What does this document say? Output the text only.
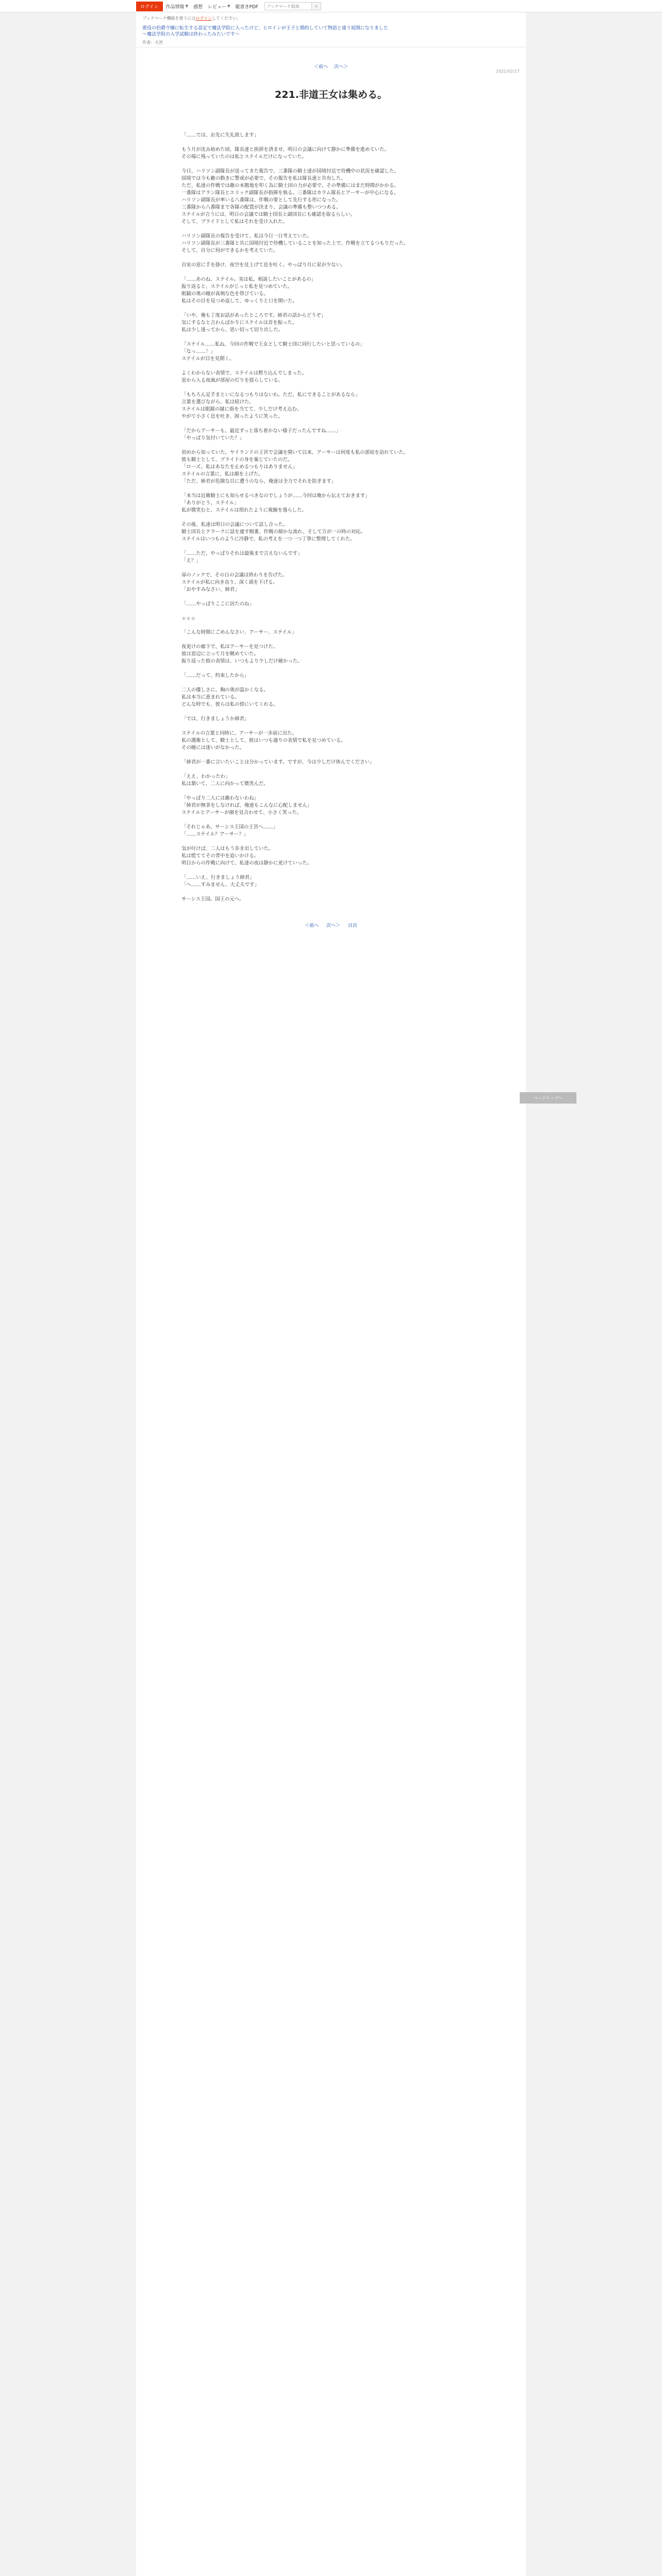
ログイン	作品情報 ▼ 感想 レビュー ▼ 縦書きPDF
ブックマーク追加	＋
ブックマーク機能を使うにはログインしてください。
悪役の伯爵令嬢に転生する設定で魔法学院に入ったけど、ヒロインが王子と婚約していて物語と違う展開になりました
〜魔法学院の入学試験は終わったみたいです〜
作者：天宮
2021/02/17
＜前へ 次へ＞
221.非道王女は集める。

「……では、お先に失礼致します」

もう月が沈み始めた頃、隊長達と挨拶を済ませ、明日の会議に向けて静かに準備を進めていた。

その場に残っていたのは私とステイルだけになっていた。

今日、ハリソン副隊長が送ってきた報告で、三番隊の騎士達が国境付近で待機中の状況を確認した。

国境では今も敵の動きに警戒が必要で、その報告を私は隊長達と共有した。

ただ、私達の作戦では敵の本拠地を叩く為に騎士団の力が必要で、その準備にはまだ時間がかかる。

一番隊はアラン隊長とエリック副隊長が指揮を執る。三番隊はカラム隊長とアーサーが中心になる。

ハリソン副隊長が率いる八番隊は、作戦の要として先行する形になった。

三番隊から八番隊まで各隊の配置が決まり、会議の準備も整いつつある。

ステイルが言うには、明日の会議では騎士団長と副団長にも確認を取るらしい。

そして、プライドとして私はそれを受け入れた。

ハリソン副隊長の報告を受けて、私は今日一日考えていた。

ハリソン副隊長が三番隊と共に国境付近で待機していることを知った上で、作戦を立てるつもりだった。

そして、自分に何ができるかを考えていた。

自室の窓に手を掛け、夜空を見上げて息を吐く。やっぱり月に星が少ない。

「……あのね、ステイル。実は私、相談したいことがあるの」

振り返ると、ステイルがじっと私を見つめていた。

眼鏡の奥の瞳が真剣な色を帯びている。

私はその目を見つめ返して、ゆっくりと口を開いた。

「いや、俺も丁度お話があったところです。姉君の話からどうぞ」

気にするなと言わんばかりにステイルは首を振った。

私は少し迷ってから、思い切って切り出した。

「ステイル……私ね、今回の作戦で王女として騎士団に同行したいと思っているの」

「なっ……！」

ステイルが目を見開く。

よくわからない表情で、ステイルは黙り込んでしまった。

窓から入る夜風が部屋の灯りを揺らしている。

「もちろん足手まといになるつもりはないわ。ただ、私にできることがあるなら」

言葉を選びながら、私は続けた。

ステイルは眼鏡の縁に指を当てて、少しだけ考え込む。

やがて小さく息を吐き、困ったように笑った。

「だからアーサーも、最近ずっと落ち着かない様子だったんですね……」

「やっぱり気付いていた？」

初めから知っていた。ヤイランドの王宮で会議を開いて以来、アーサーは何度も私の部屋を訪れていた。

彼も騎士として、プライドの身を案じていたのだ。

「ローズ。私はあなたを止めるつもりはありません」

ステイルの言葉に、私は顔を上げた。

「ただ、姉君が危険な目に遭うのなら、俺達は全力でそれを防ぎます」

「本当は近衛騎士にも知らせるべきなのでしょうが……今回は俺から伝えておきます」

「ありがとう、ステイル」

私が微笑むと、ステイルは照れたように視線を逸らした。

その後、私達は明日の会議について話し合った。

騎士団長とクラークに話を通す順番、作戦の細かな流れ、そして万が一の時の対応。

ステイルはいつものように冷静で、私の考えを一つ一つ丁寧に整理してくれた。

「……ただ、やっぱりそれは最後まで言えないんです」

「え？」

扉のノックで、その日の会議は終わりを告げた。

ステイルが私に向き直り、深く頭を下げる。

「おやすみなさい、姉君」

「……やっぱりここに居たのね」

＊＊＊

「こんな時間にごめんなさい、アーサー、ステイル」

夜更けの廊下で、私はアーサーを見つけた。

彼は窓辺に立って月を眺めていた。

振り返った彼の表情は、いつもより少しだけ硬かった。

「……だって、約束したから」

二人の優しさに、胸の奥が温かくなる。

私は本当に恵まれている。

どんな時でも、彼らは私の傍にいてくれる。

「では、行きましょうか姉君」

ステイルの言葉と同時に、アーサーが一歩前に出た。

私の護衛として、騎士として、彼はいつも通りの表情で私を見つめている。

その瞳には迷いがなかった。

「姉君が一番に言いたいことは分かっています。ですが、今は少しだけ休んでください」

「ええ、わかったわ」

私は頷いて、二人に向かって微笑んだ。

「やっぱり二人には敵わないわね」

「姉君が無茶をしなければ、俺達もこんなに心配しません」

ステイルとアーサーが顔を見合わせて、小さく笑った。

「それじゃあ、サーシス王国の王宮へ……」

「……ステイル？アーサー？」

気が付けば、二人はもう歩き出していた。

私は慌ててその背中を追いかける。

明日からの作戦に向けて、私達の夜は静かに更けていった。

「……いえ、行きましょう姉君」

「へ……すみません、大丈夫です」

サーシス王国。国王の元へ。

＜前へ 次へ＞ 目次
ページトップへ
